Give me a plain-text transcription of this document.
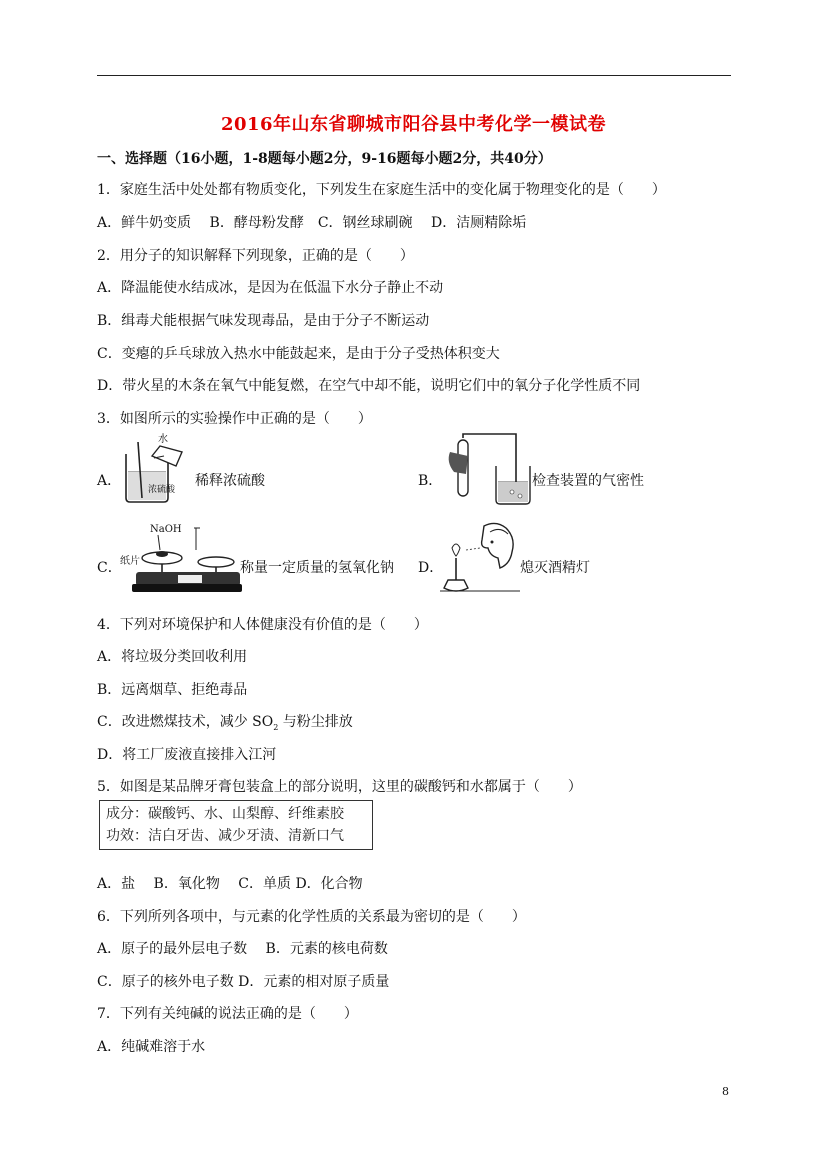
2016年山东省聊城市阳谷县中考化学一模试卷
一、选择题（16小题，1-8题每小题2分，9-16题每小题2分，共40分）
1．家庭生活中处处都有物质变化，下列发生在家庭生活中的变化属于物理变化的是（　　）
A．鲜牛奶变质　 B．酵母粉发酵　C．钢丝球刷碗　 D．洁厕精除垢
2．用分子的知识解释下列现象，正确的是（　　）
A．降温能使水结成冰，是因为在低温下水分子静止不动
B．缉毒犬能根据气味发现毒品，是由于分子不断运动
C．变瘪的乒乓球放入热水中能鼓起来，是由于分子受热体积变大
D．带火星的木条在氧气中能复燃，在空气中却不能，说明它们中的氧分子化学性质不同
3．如图所示的实验操作中正确的是（　　）
A．
水
浓硫酸
稀释浓硫酸	B．	检查装置的气密性
C．
NaOH
纸片	称量一定质量的氢氧化钠 D．	熄灭酒精灯
4．下列对环境保护和人体健康没有价值的是（　　）
A．将垃圾分类回收利用
B．远离烟草、拒绝毒品
C．改进燃煤技术，减少 $SO_2$ 与粉尘排放
D．将工厂废液直接排入江河
5．如图是某品牌牙膏包装盒上的部分说明，这里的碳酸钙和水都属于（　　）
成分：碳酸钙、水、山梨醇、纤维素胶
功效：洁白牙齿、减少牙渍、清新口气
A．盐　 B．氧化物　 C．单质 D．化合物
6．下列所列各项中，与元素的化学性质的关系最为密切的是（　　）
A．原子的最外层电子数　 B．元素的核电荷数
C．原子的核外电子数 D．元素的相对原子质量
7．下列有关纯碱的说法正确的是（　　）
A．纯碱难溶于水
8
